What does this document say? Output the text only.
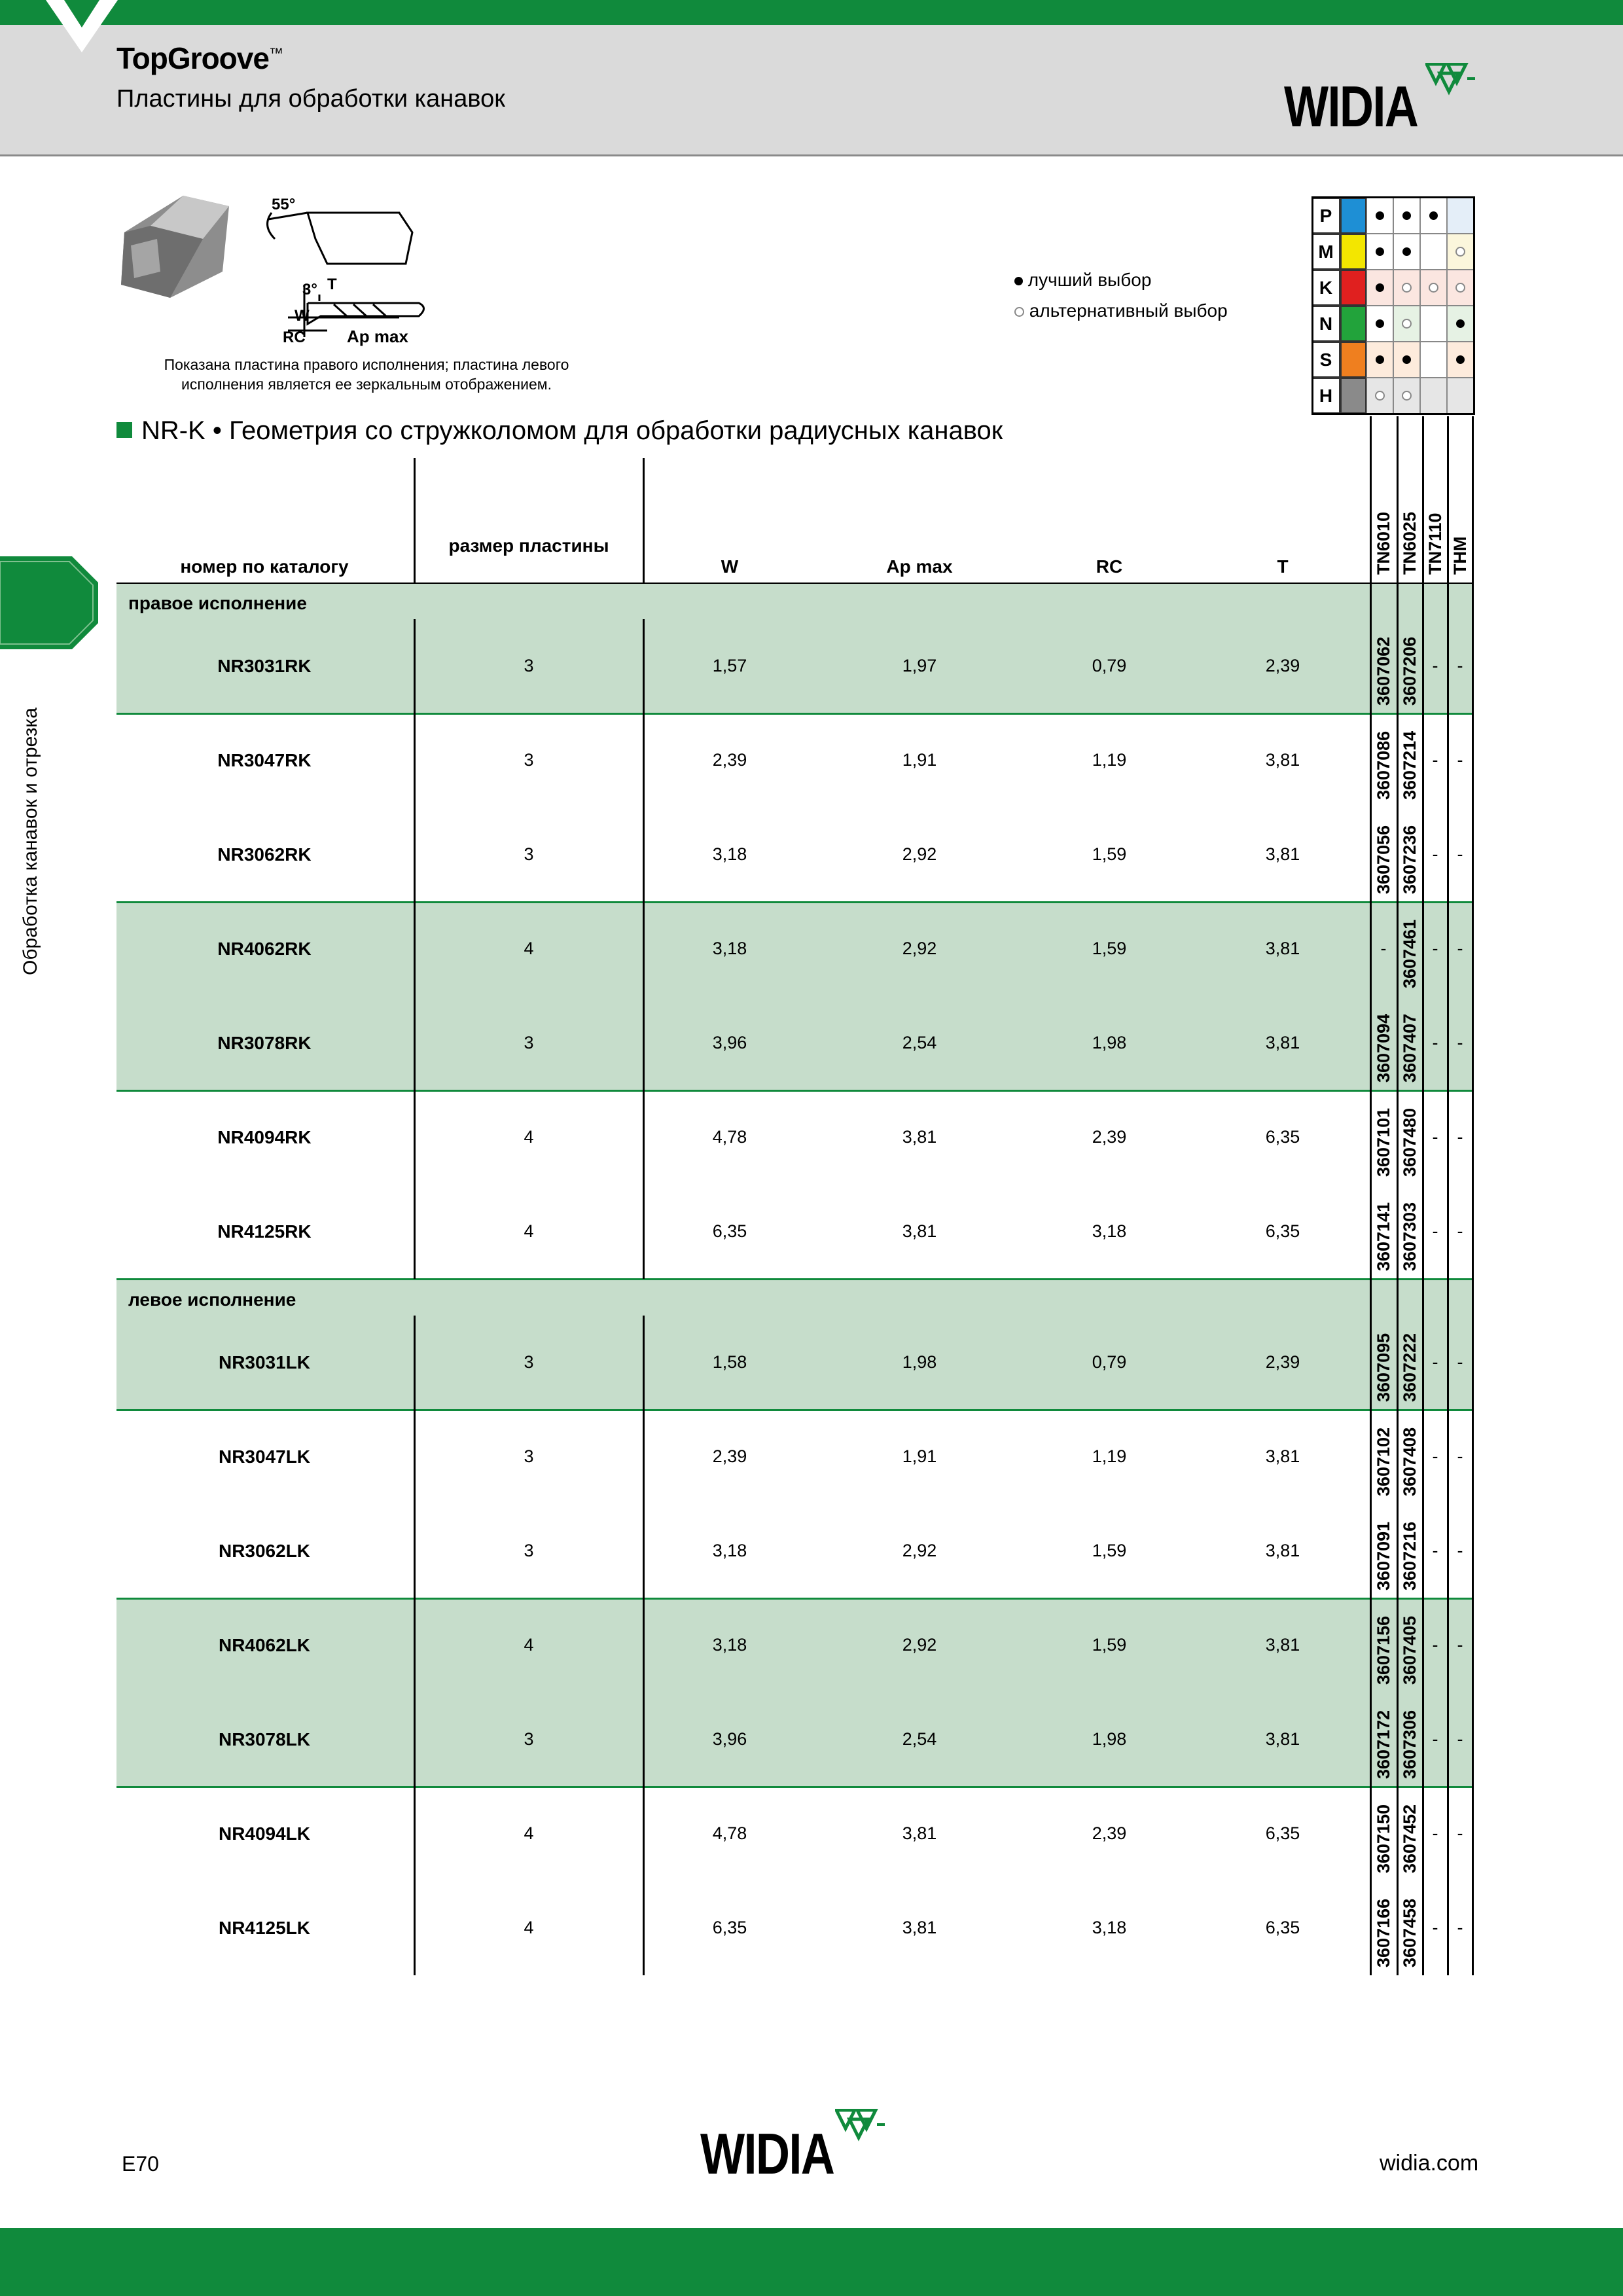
TopGroove™
Пластины для обработки канавок	WIDIA
Обработка канавок и отрезка
55°
T
3°
W
RC Ap max
Показана пластина правого исполнения; пластина левого исполнения является ее зеркальным отображением.
лучший выбор
альтернативный выбор
P
M
K
N
S
H
NR-K • Геометрия со стружколомом для обработки радиусных канавок
номер по каталогу
размер пластины
W	Ap max	RC	T	TN6010 TN6025 TN7110 THM
правое исполнение
NR3031RK	3	1,57	1,97	0,79	2,39	3607062 3607206 -	-
NR3047RK	3	2,39	1,91	1,19	3,81	3607086 3607214 -	-
NR3062RK	3	3,18	2,92	1,59	3,81	3607056 3607236 -	-
NR4062RK	4	3,18	2,92	1,59	3,81	- 3607461 -	-
NR3078RK	3	3,96	2,54	1,98	3,81	3607094 3607407 -	-
NR4094RK	4	4,78	3,81	2,39	6,35	3607101 3607480 -	-
NR4125RK	4	6,35	3,81	3,18	6,35	3607141 3607303 -	-
левое исполнение
NR3031LK	3	1,58	1,98	0,79	2,39	3607095 3607222 -	-
NR3047LK	3	2,39	1,91	1,19	3,81	3607102 3607408 -	-
NR3062LK	3	3,18	2,92	1,59	3,81	3607091 3607216 -	-
NR4062LK	4	3,18	2,92	1,59	3,81	3607156 3607405 -	-
NR3078LK	3	3,96	2,54	1,98	3,81	3607172 3607306 -	-
NR4094LK	4	4,78	3,81	2,39	6,35	3607150 3607452 -	-
NR4125LK	4	6,35	3,81	3,18	6,35	3607166 3607458 -	-
E70	WIDIA	widia.com
